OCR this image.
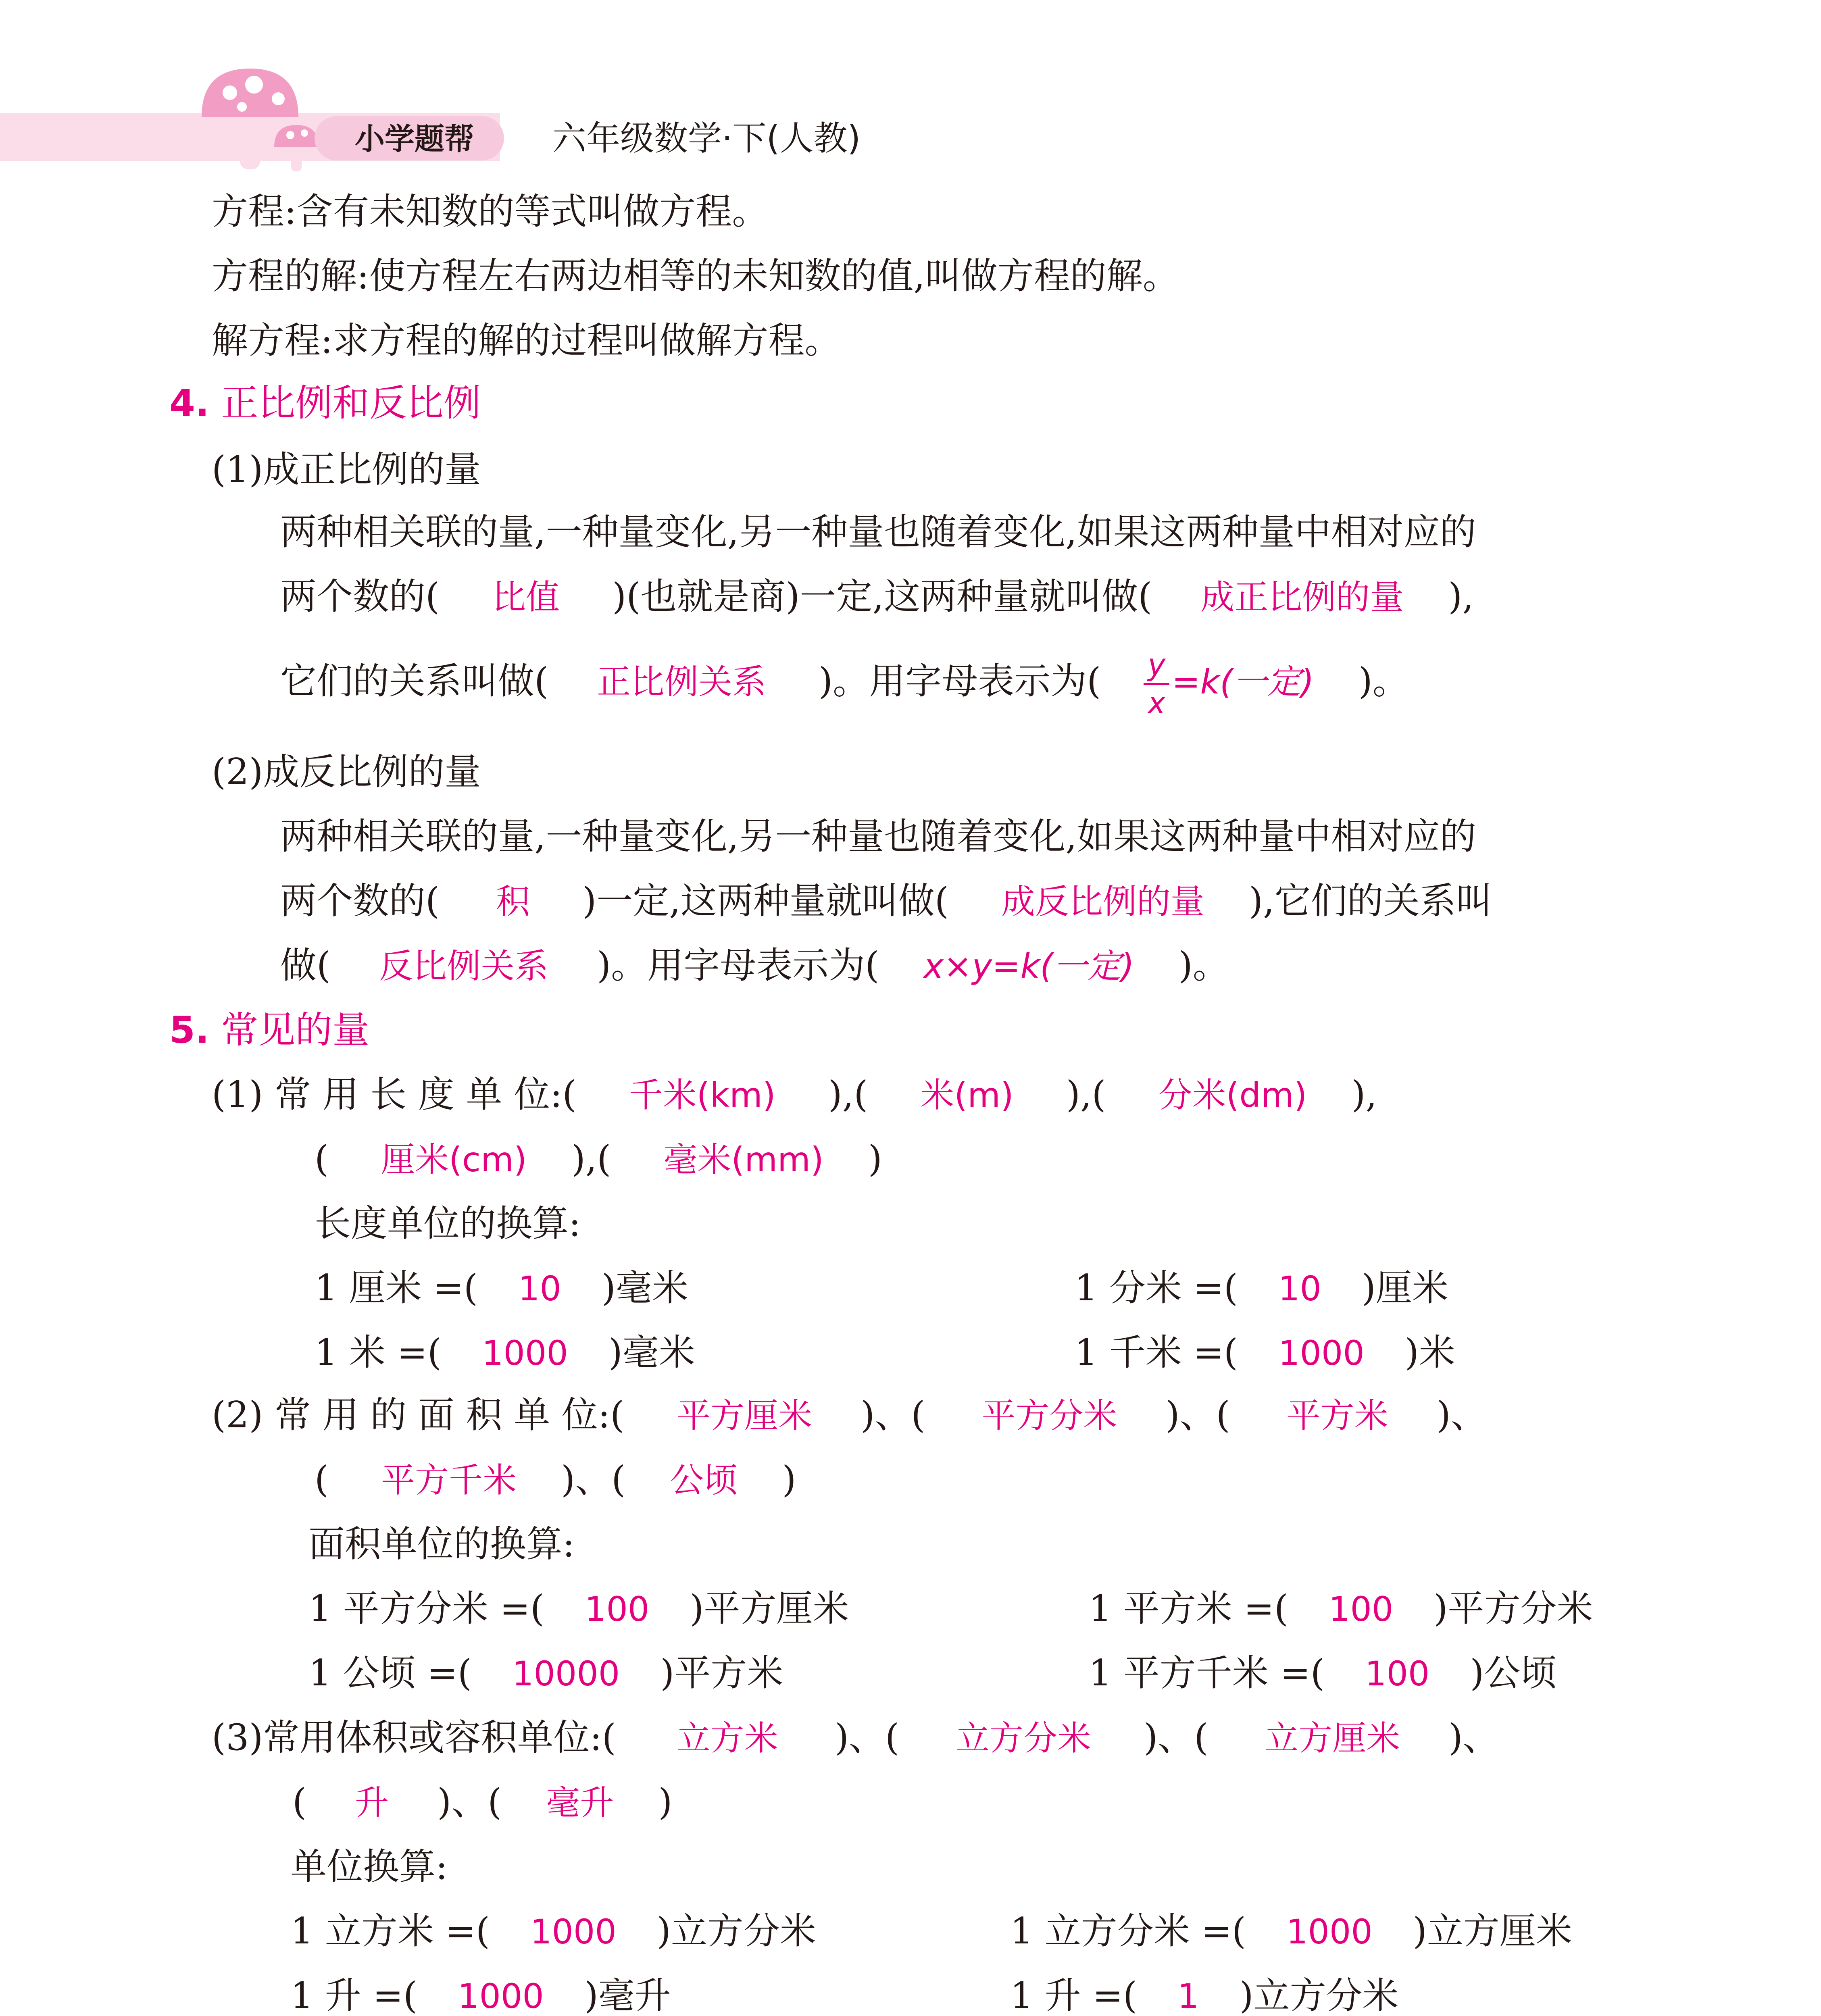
小学题帮 六年级数学·下(人教)
方程:含有未知数的等式叫做方程。
方程的解:使方程左右两边相等的未知数的值,叫做方程的解。
解方程:求方程的解的过程叫做解方程。
4. 正比例和反比例
(1)成正比例的量
两种相关联的量,一种量变化,另一种量也随着变化,如果这两种量中相对应的
两个数的( 比值 )(也就是商)一定,这两种量就叫做( 成正比例的量 ),
它们的关系叫做( 正比例关系 )。用字母表示为( $\frac{y}{x} =k$(一定) )。
(2)成反比例的量
两种相关联的量,一种量变化,另一种量也随着变化,如果这两种量中相对应的
两个数的( 积 )一定,这两种量就叫做( 成反比例的量 ),它们的关系叫
做( 反比例关系 )。用字母表示为( x×y=k(一定) )。
5. 常见的量
(1) 常 用 长 度 单 位:( 千米(km) ),( 米(m) ),( 分米(dm) ),
( 厘米(cm) ),( 毫米(mm) )
长度单位的换算:
1 厘米 =( 10 )毫米	1 分米 =( 10 )厘米
1 米 =( 1000 )毫米	1 千米 =( 1000 )米
(2) 常 用 的 面 积 单 位:( 平方厘米 )、( 平方分米 )、( 平方米 )、
( 平方千米 )、( 公顷 )
面积单位的换算:
1 平方分米 =( 100 )平方厘米	1 平方米 =( 100 )平方分米
1 公顷 =( 10000 )平方米	1 平方千米 =( 100 )公顷
(3)常用体积或容积单位:( 立方米 )、( 立方分米 )、( 立方厘米 )、
( 升 )、( 毫升 )
单位换算:
1 立方米 =( 1000 )立方分米	1 立方分米 =( 1000 )立方厘米
1 升 =( 1000 )毫升	1 升 =( 1 )立方分米
